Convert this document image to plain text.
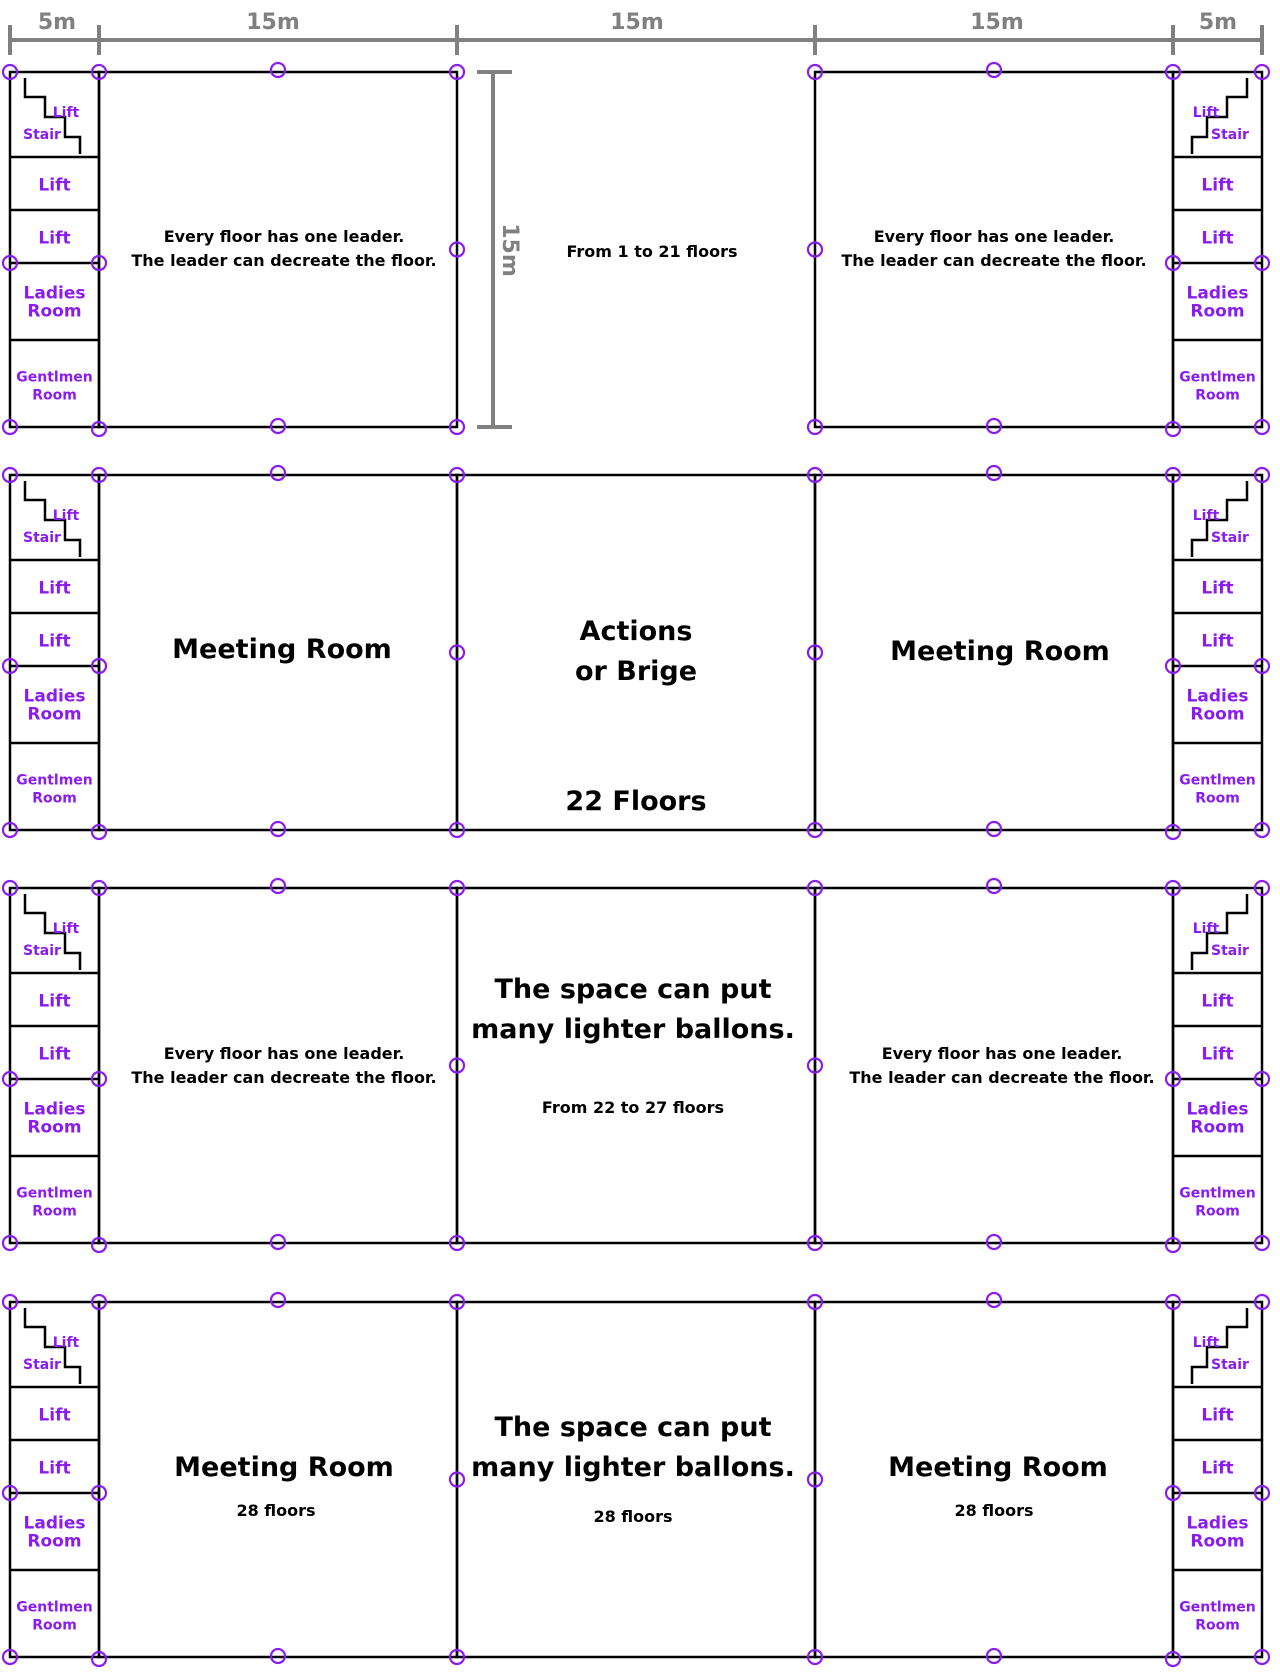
5m	15m	15m	15m	5m
15m
Lift
Stair
Lift
Lift
Ladies
Room
Gentlmen
Room
Lift
Stair
Lift
Lift
Ladies
Room
Gentlmen
Room
Every floor has one leader.
The leader can decreate the floor.
Every floor has one leader.
The leader can decreate the floor.
From 1 to 21 floors
Lift
Stair
Lift
Lift
Ladies
Room
Gentlmen
Room
Lift
Stair
Lift
Lift
Ladies
Room
Gentlmen
Room
Meeting Room	Meeting Room
Actions
or Brige
22 Floors
Lift
Stair
Lift
Lift
Ladies
Room
Gentlmen
Room
Lift
Stair
Lift
Lift
Ladies
Room
Gentlmen
Room
Every floor has one leader.
The leader can decreate the floor.
Every floor has one leader.
The leader can decreate the floor.
The space can put
many lighter ballons.
From 22 to 27 floors
Lift
Stair
Lift
Lift
Ladies
Room
Gentlmen
Room
Lift
Stair
Lift
Lift
Ladies
Room
Gentlmen
Room
Meeting Room
28 floors
Meeting Room
28 floors
The space can put
many lighter ballons.
28 floors
